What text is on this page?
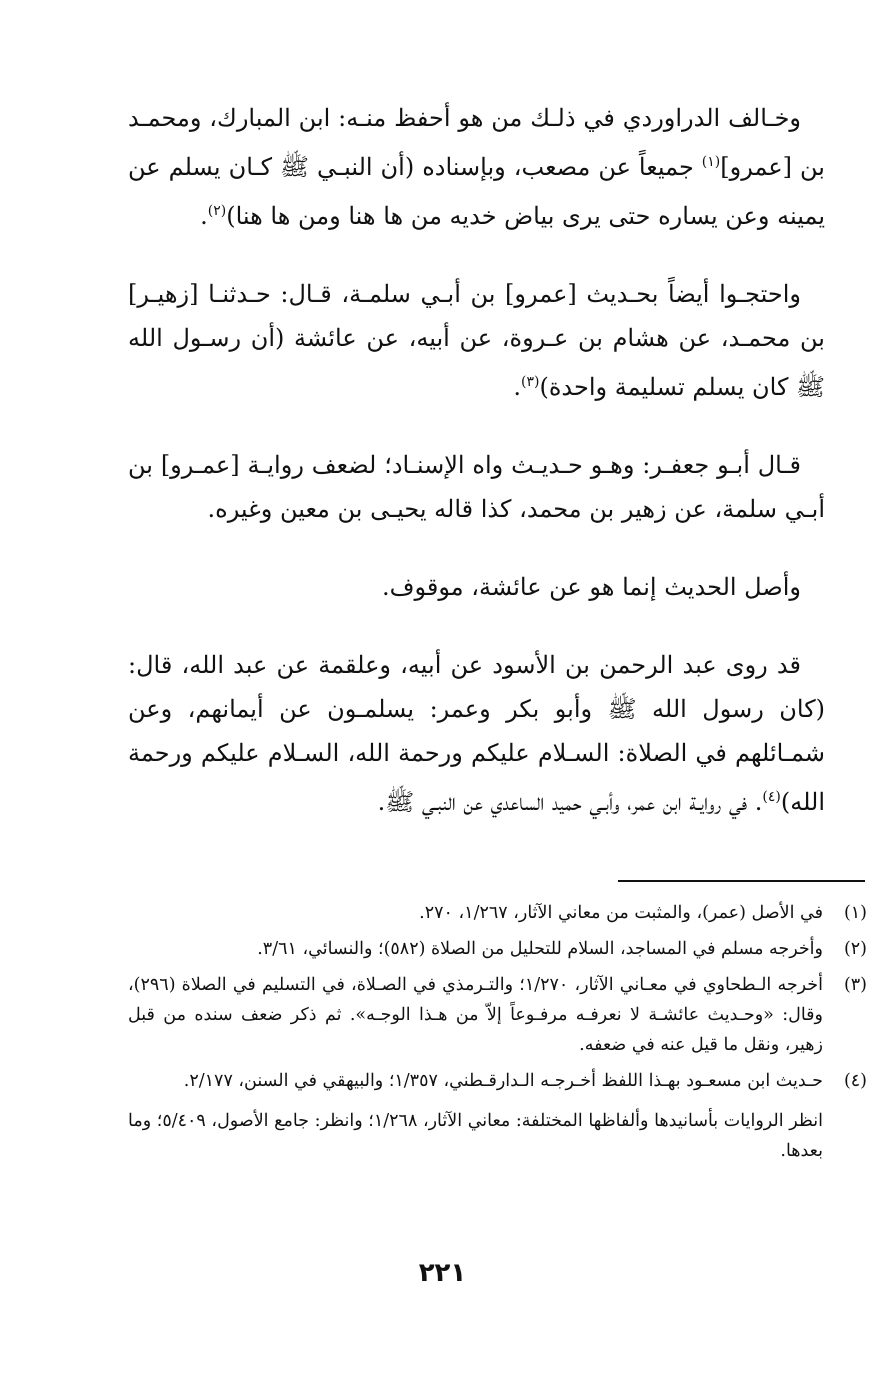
وخـالف الدراوردي في ذلـك من هو أحفظ منـه: ابن المبارك، ومحمـد بن [عمرو]$^{(١)}$ جميعاً عن مصعب، وبإسناده (أن النبـي ﷺ كـان يسلم عن يمينه وعن يساره حتى يرى بياض خديه من ها هنا ومن ها هنا)$^{(٢)}$.

واحتجـوا أيضاً بحـديث [عمرو] بن أبـي سلمـة، قـال: حـدثنـا [زهيـر] بن محمـد، عن هشام بن عـروة، عن أبيه، عن عائشة (أن رسـول الله ﷺ كان يسلم تسليمة واحدة)$^{(٣)}$.

قـال أبـو جعفـر: وهـو حـديـث واه الإسنـاد؛ لضعف روايـة [عمـرو] بن أبـي سلمة، عن زهير بن محمد، كذا قاله يحيـى بن معين وغيره.

وأصل الحديث إنما هو عن عائشة، موقوف.

قد روى عبد الرحمن بن الأسود عن أبيه، وعلقمة عن عبد الله، قال:(كان رسول الله ﷺ وأبو بكر وعمر: يسلمـون عن أيمانهم، وعن شمـائلهم في الصلاة: السـلام عليكم ورحمة الله، السـلام عليكم ورحمة الله)$^{(٤)}$. في روايـة ابن عمر، وأبـي حميد الساعدي عن النبـي ﷺ.

(١)
في الأصل (عمر)، والمثبت من معاني الآثار، ١/٢٦٧، ٢٧٠.
(٢)
وأخرجه مسلم في المساجد، السلام للتحليل من الصلاة (٥٨٢)؛ والنسائي، ٣/٦١.
(٣)
أخرجه الـطحاوي في معـاني الآثار، ١/٢٧٠؛ والتـرمذي في الصـلاة، في التسليم في الصلاة (٢٩٦)، وقال: «وحـديث عائشـة لا نعرفـه مرفـوعاً إلاّ من هـذا الوجـه». ثم ذكر ضعف سنده من قبل زهير، ونقل ما قيل عنه في ضعفه.
(٤)
حـديث ابن مسعـود بهـذا اللفظ أخـرجـه الـدارقـطني، ١/٣٥٧؛ والبيهقي في السنن، ٢/١٧٧.
انظر الروايات بأسانيدها وألفاظها المختلفة: معاني الآثار، ١/٢٦٨؛ وانظر: جامع الأصول، ٥/٤٠٩؛ وما بعدها.
٢٢١
